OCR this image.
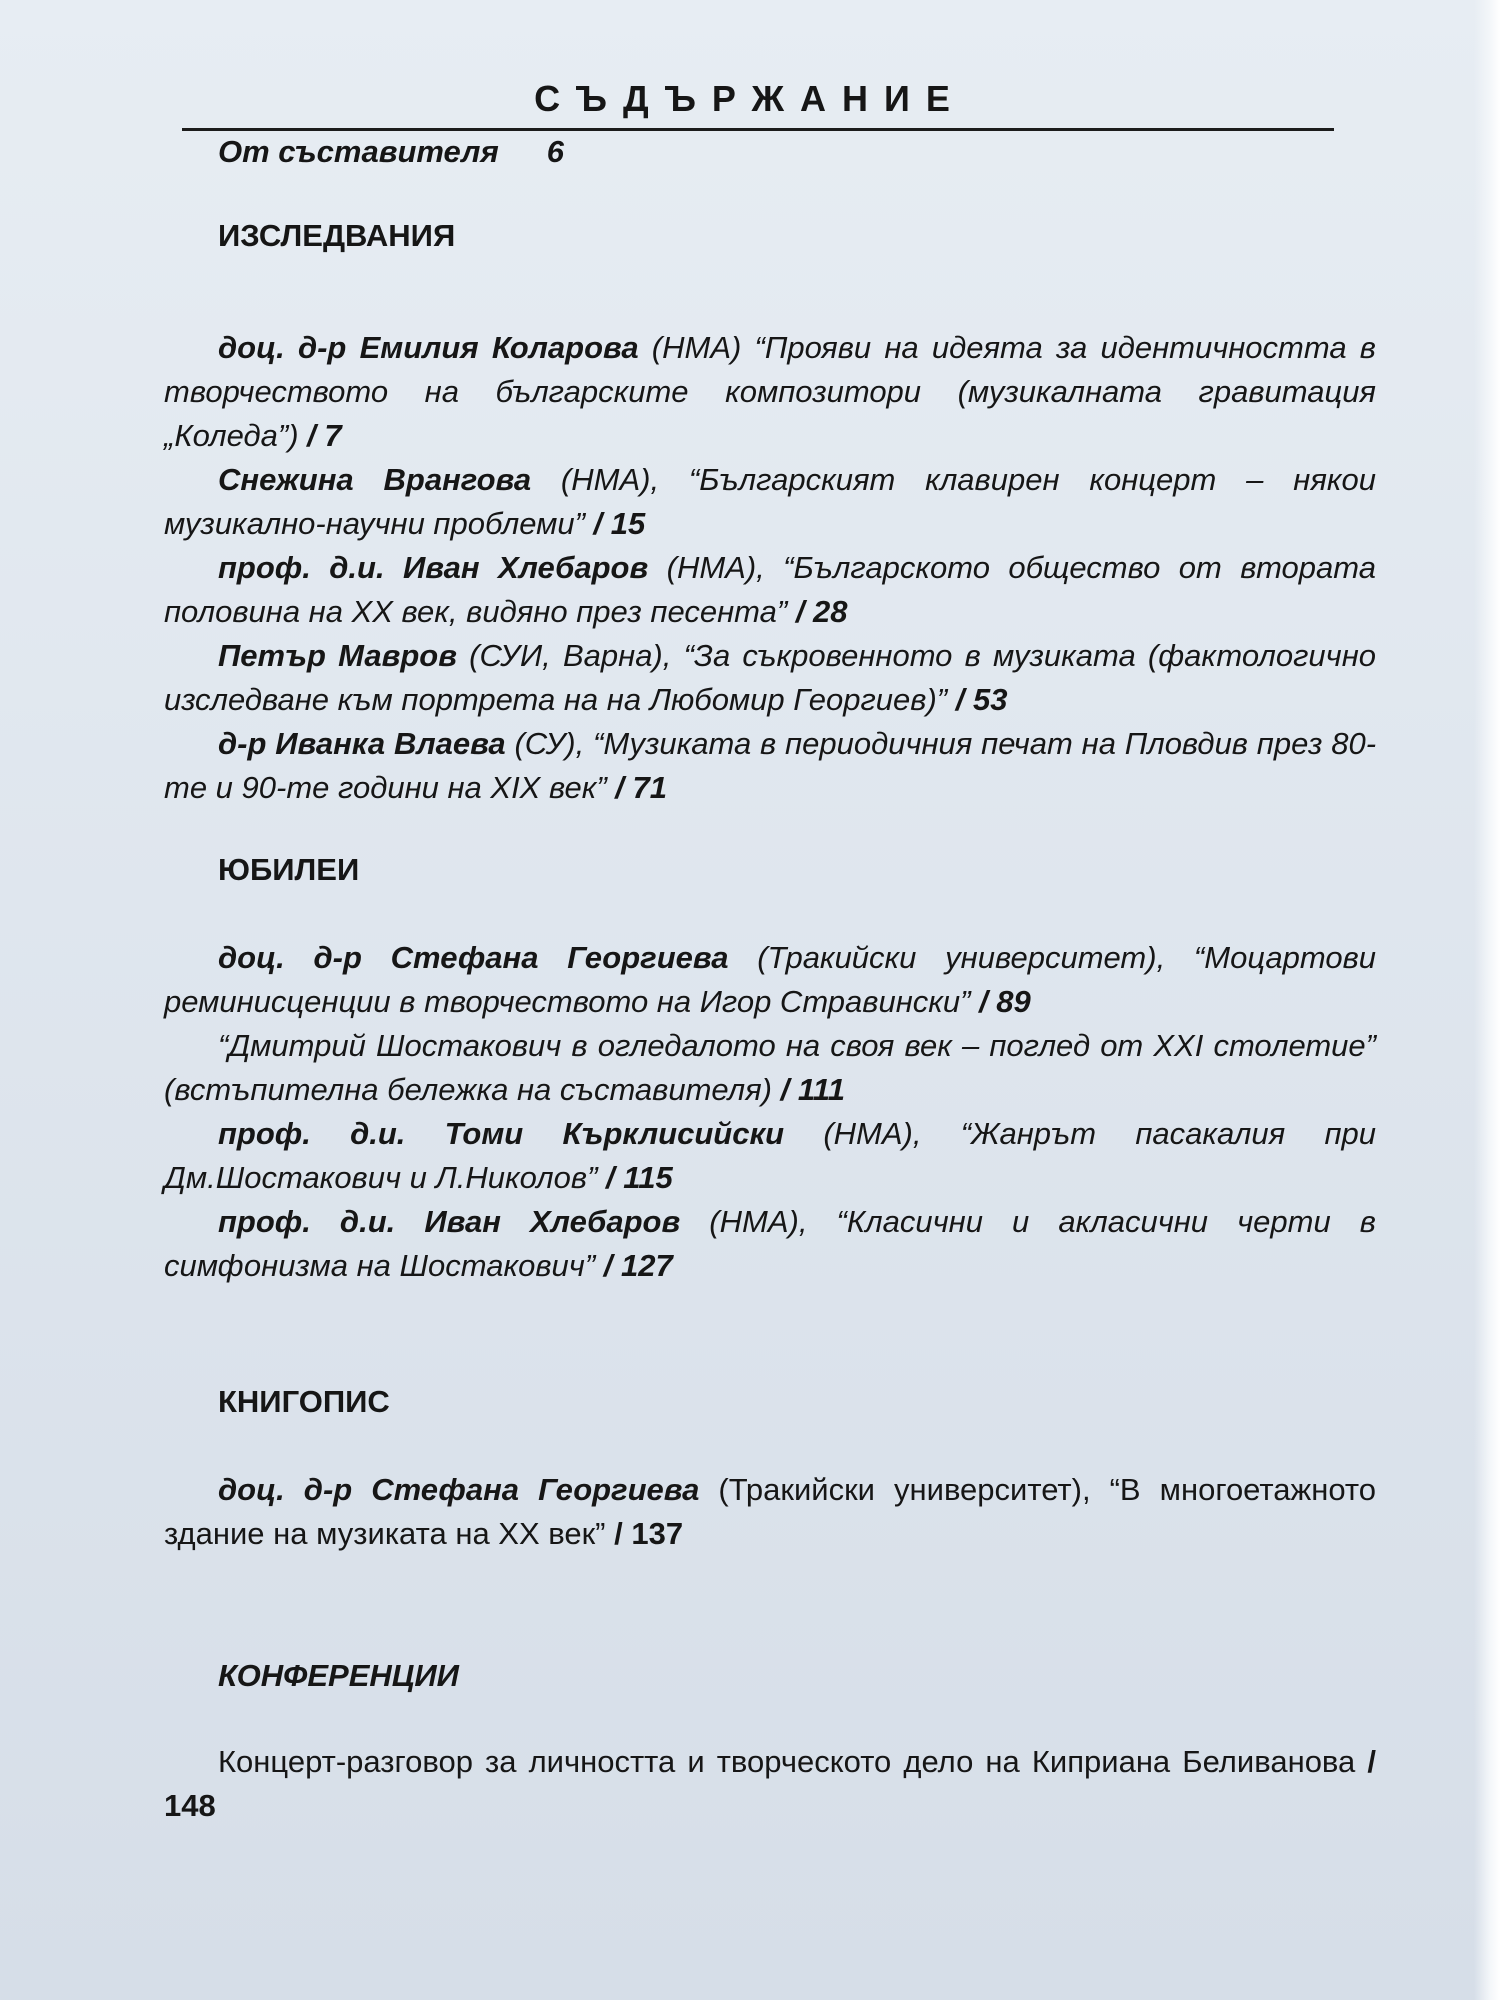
СЪДЪРЖАНИЕ
От съставителя 6
ИЗСЛЕДВАНИЯ
доц. д-р Емилия Коларова (НМА) “Прояви на идеята за идентичността в творчеството на българските композитори (музикалната гравитация „Коледа”) / 7
Снежина Врангова (НМА), “Българският клавирен концерт – някои музикално-научни проблеми” / 15
проф. д.и. Иван Хлебаров (НМА), “Българското общество от втората половина на ХХ век, видяно през песента” / 28
Петър Мавров (СУИ, Варна), “За съкровенното в музиката (фактологично изследване към портрета на на Любомир Георгиев)” / 53
д-р Иванка Влаева (СУ), “Музиката в периодичния печат на Пловдив през 80-те и 90-те години на XIX век” / 71
ЮБИЛЕИ
доц. д-р Стефана Георгиева (Тракийски университет), “Моцартови реминисценции в творчеството на Игор Стравински” / 89
“Дмитрий Шостакович в огледалото на своя век – поглед от XXI столетие” (встъпителна бележка на съставителя) / 111
проф. д.и. Томи Кърклисийски (НМА), “Жанрът пасакалия при Дм.Шостакович и Л.Николов” / 115
проф. д.и. Иван Хлебаров (НМА), “Класични и акласични черти в симфонизма на Шостакович” / 127
КНИГОПИС
доц. д-р Стефана Георгиева (Тракийски университет), “В многоетажното здание на музиката на ХХ век” / 137
КОНФЕРЕНЦИИ
Концерт-разговор за личността и творческото дело на Киприана Беливанова / 148
